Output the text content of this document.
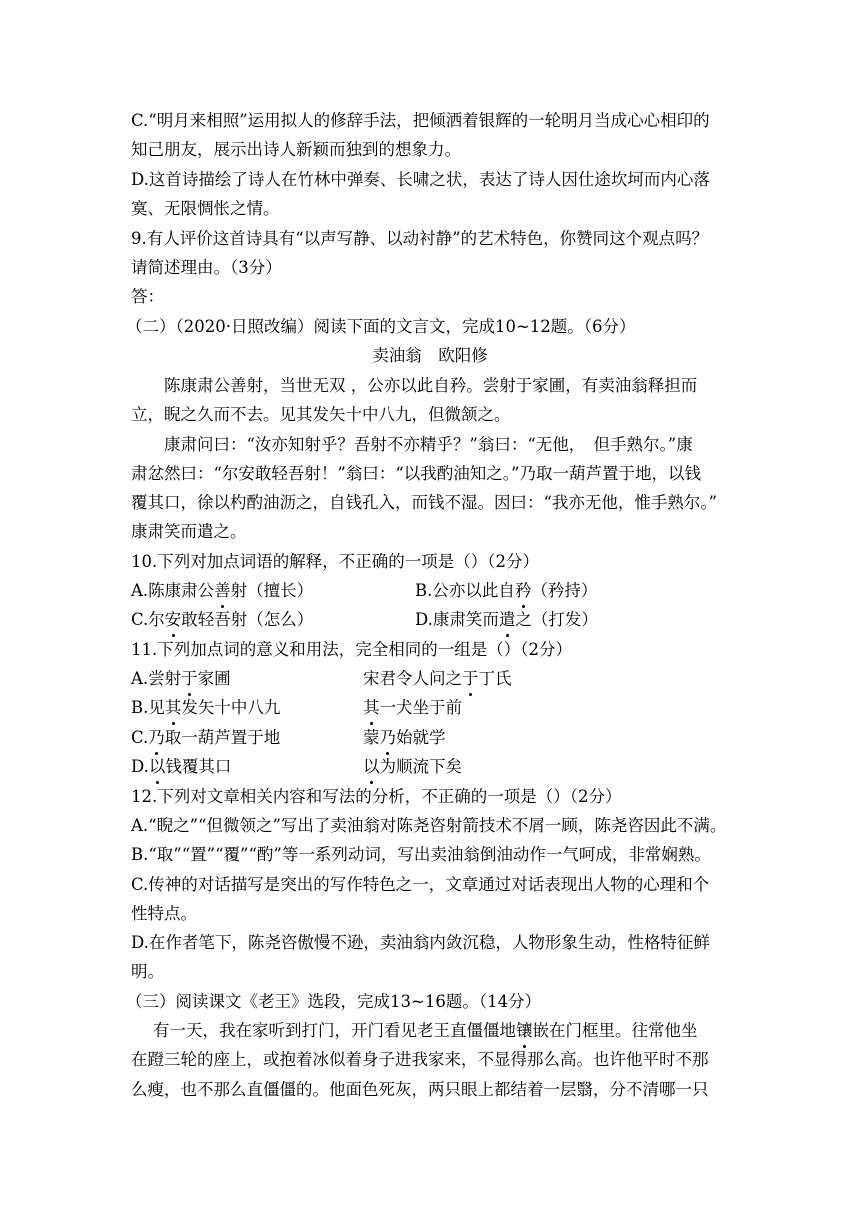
C.“明月来相照”运用拟人的修辞手法，把倾洒着银辉的一轮明月当成心心相印的
知己朋友，展示出诗人新颖而独到的想象力。
D.这首诗描绘了诗人在竹林中弹奏、长啸之状，表达了诗人因仕途坎坷而内心落
寞、无限惆怅之情。
9.有人评价这首诗具有“以声写静、以动衬静”的艺术特色，你赞同这个观点吗？
请简述理由。（3分）
答：
（二）（2020·日照改编）阅读下面的文言文，完成10~12题。（6分）
卖油翁　欧阳修
陈康肃公善射，当世无双 ，公亦以此自矜。尝射于家圃，有卖油翁释担而
立，睨之久而不去。见其发矢十中八九，但微颔之。
康肃问曰：“汝亦知射乎？吾射不亦精乎？”翁曰：“无他，　但手熟尔。”康
肃忿然曰：“尔安敢轻吾射！”翁曰：“以我酌油知之。”乃取一葫芦置于地，以钱
覆其口，徐以杓酌油沥之，自钱孔入，而钱不湿。因曰：“我亦无他，惟手熟尔。”
康肃笑而遣之。
10.下列对加点词语的解释，不正确的一项是（）（2分）
A.陈康肃公善射（擅长）	B.公亦以此自矜（矜持）
C.尔安敢轻吾射（怎么）	D.康肃笑而遣之（打发）
11.下列加点词的意义和用法，完全相同的一组是（）（2分）
A.尝射于家圃	宋君令人问之于丁氏
B.见其发矢十中八九	其一犬坐于前
C.乃取一葫芦置于地	蒙乃始就学
D.以钱覆其口	以为顺流下矣
12.下列对文章相关内容和写法的分析，不正确的一项是（）（2分）
A.“睨之”“但微领之”写出了卖油翁对陈尧咨射箭技术不屑一顾，陈尧咨因此不满。
B.“取”“置”“覆”“酌”等一系列动词，写出卖油翁倒油动作一气呵成，非常娴熟。
C.传神的对话描写是突出的写作特色之一，文章通过对话表现出人物的心理和个
性特点。
D.在作者笔下，陈尧咨傲慢不逊，卖油翁内敛沉稳，人物形象生动，性格特征鲜
明。
（三）阅读课文《老王》选段，完成13~16题。（14分）
有一天，我在家听到打门，开门看见老王直僵僵地镶嵌在门框里。往常他坐
在蹬三轮的座上，或抱着冰似着身子进我家来，不显得那么高。也许他平时不那
么瘦，也不那么直僵僵的。他面色死灰，两只眼上都结着一层翳，分不清哪一只
